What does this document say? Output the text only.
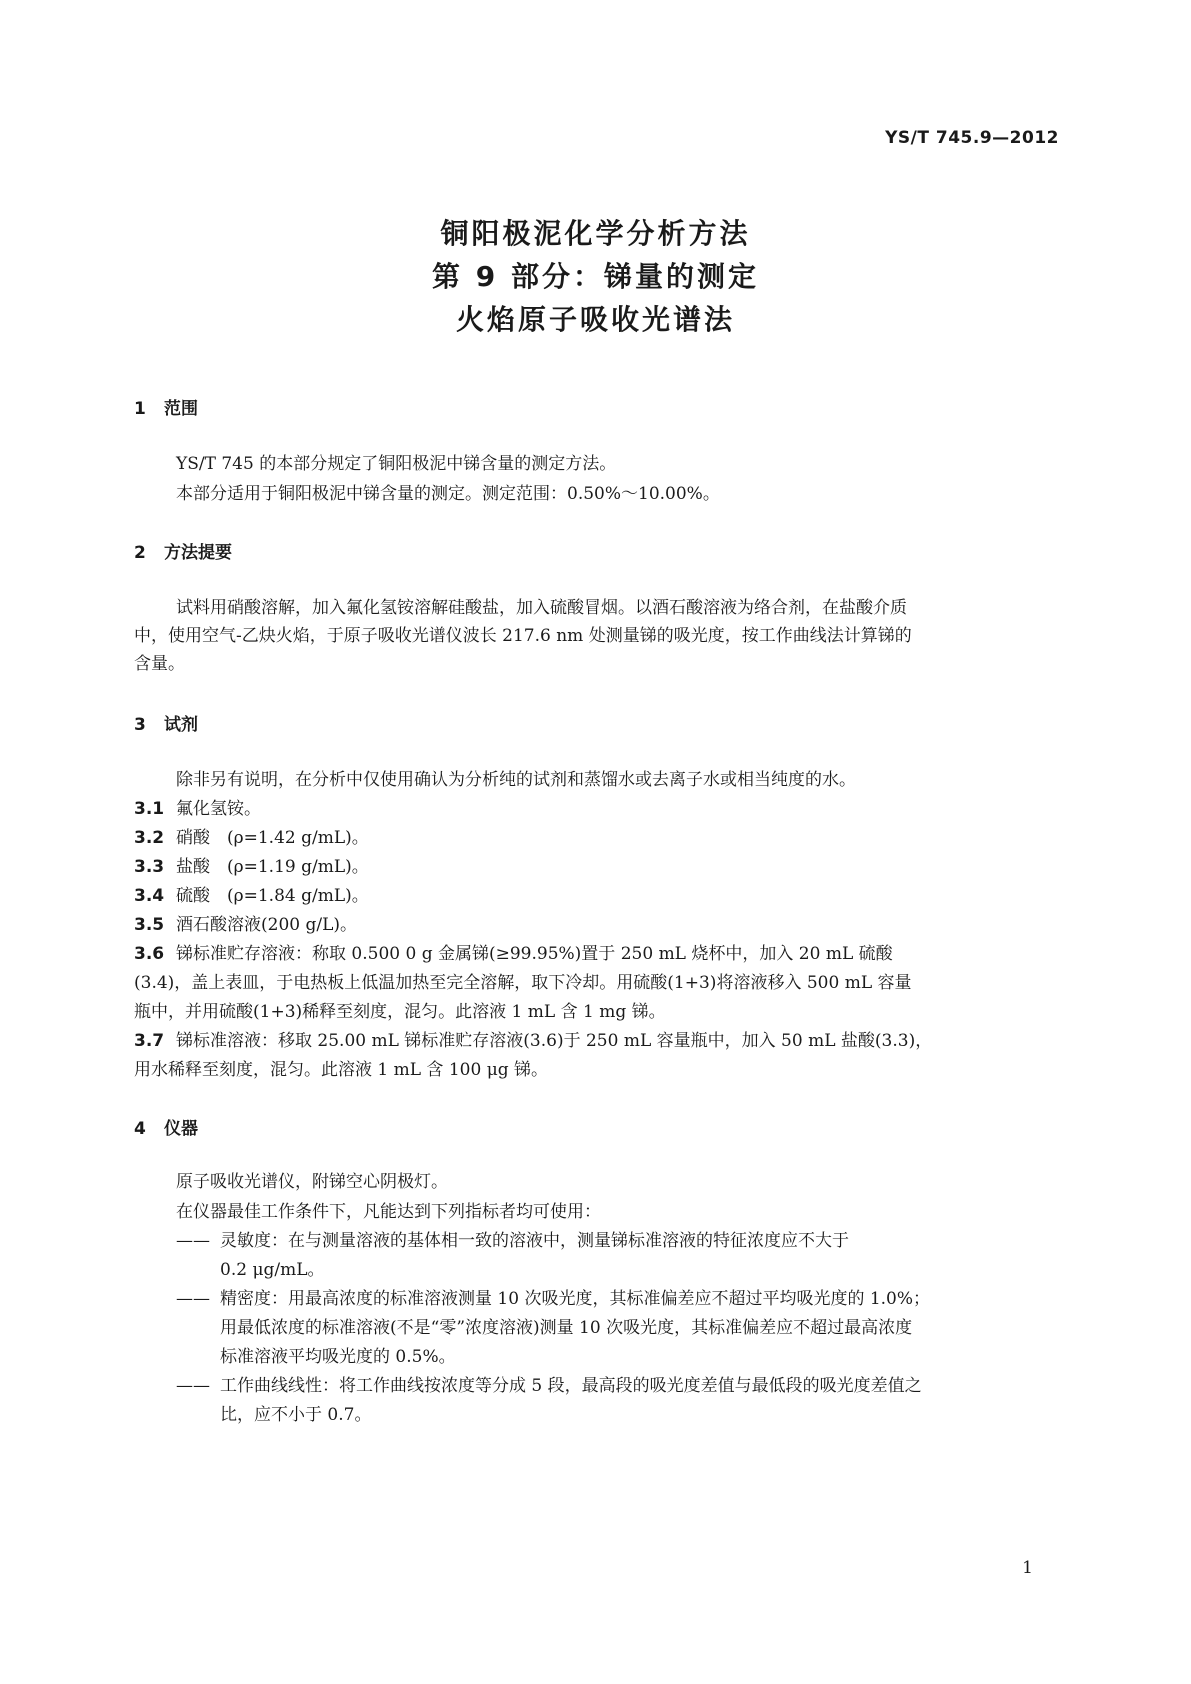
YS/T 745.9—2012
铜阳极泥化学分析方法
第 9 部分：锑量的测定
火焰原子吸收光谱法
1 范围
YS/T 745 的本部分规定了铜阳极泥中锑含量的测定方法。
本部分适用于铜阳极泥中锑含量的测定。测定范围：0.50%～10.00%。
2 方法提要
试料用硝酸溶解，加入氟化氢铵溶解硅酸盐，加入硫酸冒烟。以酒石酸溶液为络合剂，在盐酸介质
中，使用空气-乙炔火焰，于原子吸收光谱仪波长 217.6 nm 处测量锑的吸光度，按工作曲线法计算锑的
含量。
3 试剂
除非另有说明，在分析中仅使用确认为分析纯的试剂和蒸馏水或去离子水或相当纯度的水。
3.1 氟化氢铵。
3.2 硝酸　(ρ=1.42 g/mL)。
3.3 盐酸　(ρ=1.19 g/mL)。
3.4 硫酸　(ρ=1.84 g/mL)。
3.5 酒石酸溶液(200 g/L)。
3.6 锑标准贮存溶液：称取 0.500 0 g 金属锑(≥99.95%)置于 250 mL 烧杯中，加入 20 mL 硫酸
(3.4)，盖上表皿，于电热板上低温加热至完全溶解，取下冷却。用硫酸(1+3)将溶液移入 500 mL 容量
瓶中，并用硫酸(1+3)稀释至刻度，混匀。此溶液 1 mL 含 1 mg 锑。
3.7 锑标准溶液：移取 25.00 mL 锑标准贮存溶液(3.6)于 250 mL 容量瓶中，加入 50 mL 盐酸(3.3)，
用水稀释至刻度，混匀。此溶液 1 mL 含 100 μg 锑。
4 仪器
原子吸收光谱仪，附锑空心阴极灯。
在仪器最佳工作条件下，凡能达到下列指标者均可使用：
—— 灵敏度：在与测量溶液的基体相一致的溶液中，测量锑标准溶液的特征浓度应不大于
0.2 μg/mL。
—— 精密度：用最高浓度的标准溶液测量 10 次吸光度，其标准偏差应不超过平均吸光度的 1.0%；
用最低浓度的标准溶液(不是“零”浓度溶液)测量 10 次吸光度，其标准偏差应不超过最高浓度
标准溶液平均吸光度的 0.5%。
—— 工作曲线线性：将工作曲线按浓度等分成 5 段，最高段的吸光度差值与最低段的吸光度差值之
比，应不小于 0.7。
1
